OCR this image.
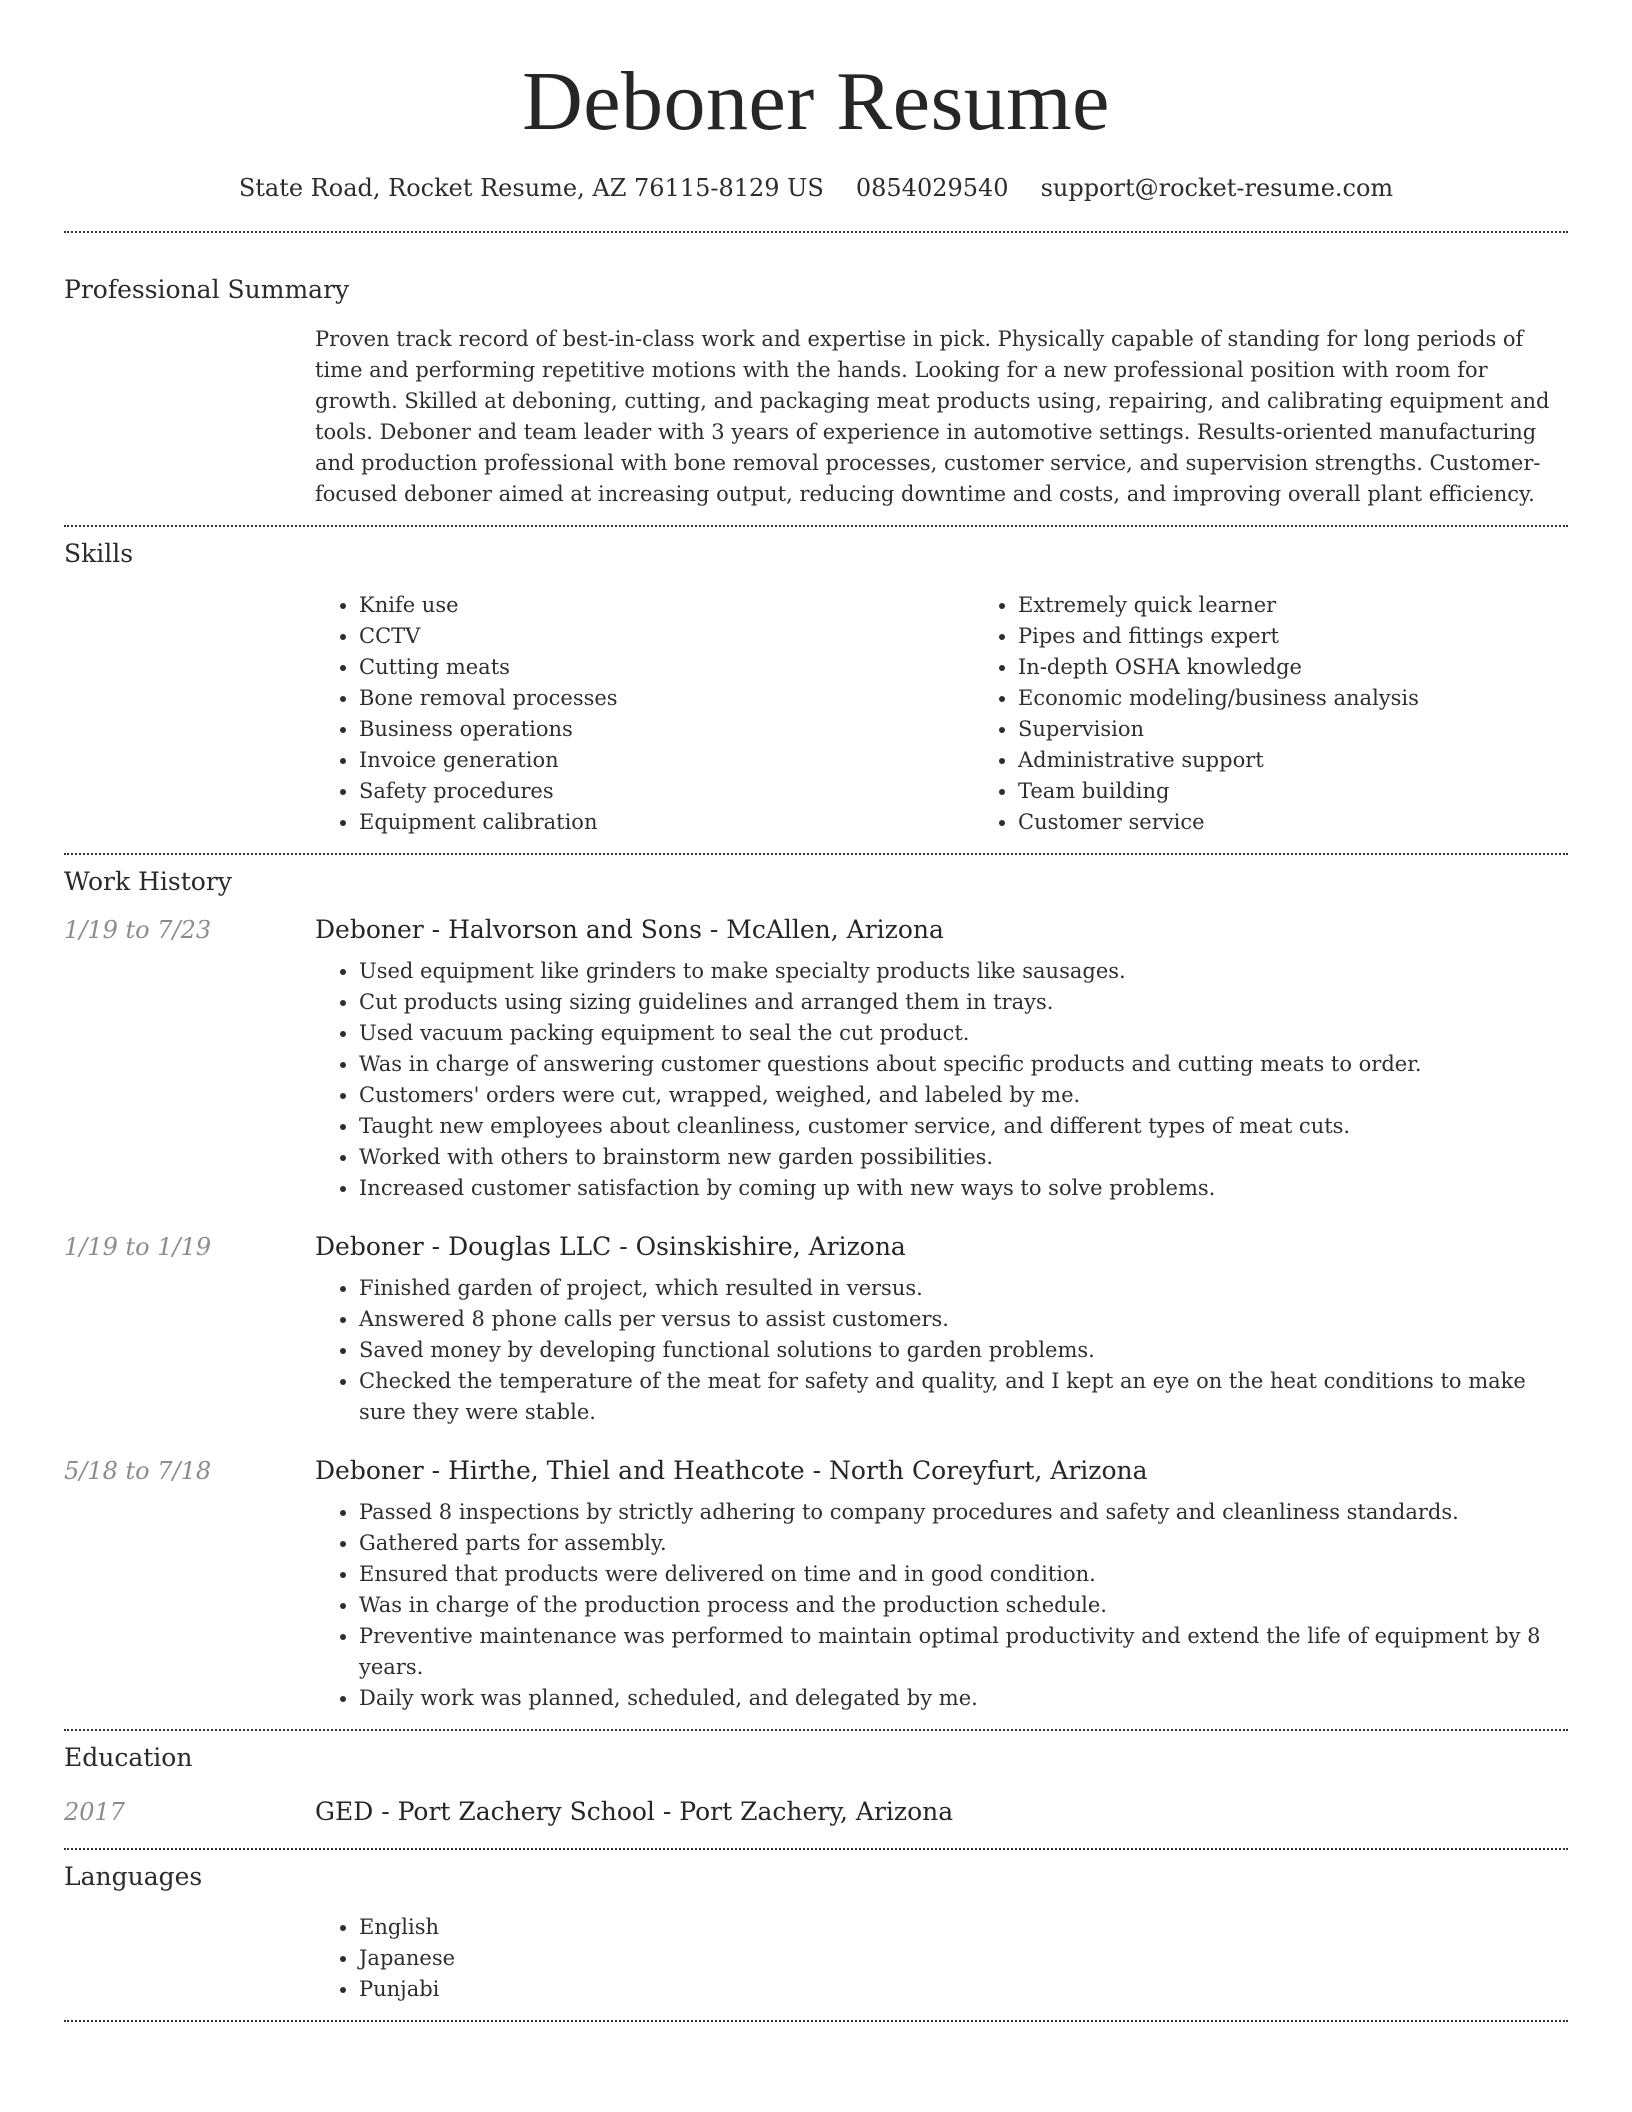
Deboner Resume
State Road, Rocket Resume, AZ 76115-8129 US 0854029540 support@rocket-resume.com
Professional Summary
Proven track record of best-in-class work and expertise in pick. Physically capable of standing for long periods of time and performing repetitive motions with the hands. Looking for a new professional position with room for growth. Skilled at deboning, cutting, and packaging meat products using, repairing, and calibrating equipment and tools. Deboner and team leader with 3 years of experience in automotive settings. Results-oriented manufacturing and production professional with bone removal processes, customer service, and supervision strengths. Customer-focused deboner aimed at increasing output, reducing downtime and costs, and improving overall plant efficiency.
Skills
• Knife use
• CCTV
• Cutting meats
• Bone removal processes
• Business operations
• Invoice generation
• Safety procedures
• Equipment calibration
• Extremely quick learner
• Pipes and fittings expert
• In-depth OSHA knowledge
• Economic modeling/business analysis
• Supervision
• Administrative support
• Team building
• Customer service
Work History
1/19 to 7/23	Deboner - Halvorson and Sons - McAllen, Arizona
• Used equipment like grinders to make specialty products like sausages.
• Cut products using sizing guidelines and arranged them in trays.
• Used vacuum packing equipment to seal the cut product.
• Was in charge of answering customer questions about specific products and cutting meats to order.
• Customers' orders were cut, wrapped, weighed, and labeled by me.
• Taught new employees about cleanliness, customer service, and different types of meat cuts.
• Worked with others to brainstorm new garden possibilities.
• Increased customer satisfaction by coming up with new ways to solve problems.
1/19 to 1/19	Deboner - Douglas LLC - Osinskishire, Arizona
• Finished garden of project, which resulted in versus.
• Answered 8 phone calls per versus to assist customers.
• Saved money by developing functional solutions to garden problems.
• Checked the temperature of the meat for safety and quality, and I kept an eye on the heat conditions to make sure they were stable.
5/18 to 7/18	Deboner - Hirthe, Thiel and Heathcote - North Coreyfurt, Arizona
• Passed 8 inspections by strictly adhering to company procedures and safety and cleanliness standards.
• Gathered parts for assembly.
• Ensured that products were delivered on time and in good condition.
• Was in charge of the production process and the production schedule.
• Preventive maintenance was performed to maintain optimal productivity and extend the life of equipment by 8 years.
• Daily work was planned, scheduled, and delegated by me.
Education
2017	GED - Port Zachery School - Port Zachery, Arizona
Languages
• English
• Japanese
• Punjabi
